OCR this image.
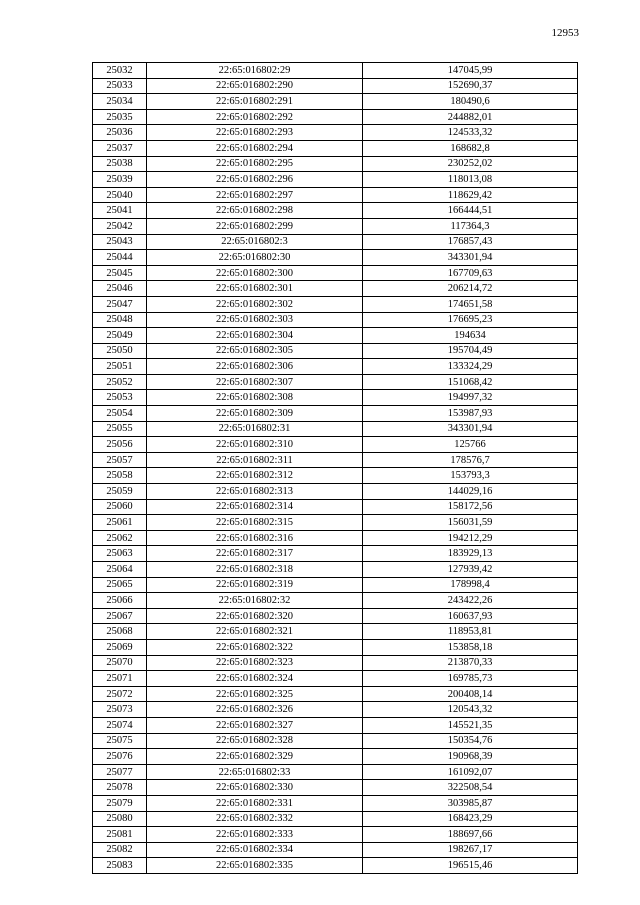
12953
25032	22:65:016802:29	147045,99
25033	22:65:016802:290	152690,37
25034	22:65:016802:291	180490,6
25035	22:65:016802:292	244882,01
25036	22:65:016802:293	124533,32
25037	22:65:016802:294	168682,8
25038	22:65:016802:295	230252,02
25039	22:65:016802:296	118013,08
25040	22:65:016802:297	118629,42
25041	22:65:016802:298	166444,51
25042	22:65:016802:299	117364,3
25043	22:65:016802:3	176857,43
25044	22:65:016802:30	343301,94
25045	22:65:016802:300	167709,63
25046	22:65:016802:301	206214,72
25047	22:65:016802:302	174651,58
25048	22:65:016802:303	176695,23
25049	22:65:016802:304	194634
25050	22:65:016802:305	195704,49
25051	22:65:016802:306	133324,29
25052	22:65:016802:307	151068,42
25053	22:65:016802:308	194997,32
25054	22:65:016802:309	153987,93
25055	22:65:016802:31	343301,94
25056	22:65:016802:310	125766
25057	22:65:016802:311	178576,7
25058	22:65:016802:312	153793,3
25059	22:65:016802:313	144029,16
25060	22:65:016802:314	158172,56
25061	22:65:016802:315	156031,59
25062	22:65:016802:316	194212,29
25063	22:65:016802:317	183929,13
25064	22:65:016802:318	127939,42
25065	22:65:016802:319	178998,4
25066	22:65:016802:32	243422,26
25067	22:65:016802:320	160637,93
25068	22:65:016802:321	118953,81
25069	22:65:016802:322	153858,18
25070	22:65:016802:323	213870,33
25071	22:65:016802:324	169785,73
25072	22:65:016802:325	200408,14
25073	22:65:016802:326	120543,32
25074	22:65:016802:327	145521,35
25075	22:65:016802:328	150354,76
25076	22:65:016802:329	190968,39
25077	22:65:016802:33	161092,07
25078	22:65:016802:330	322508,54
25079	22:65:016802:331	303985,87
25080	22:65:016802:332	168423,29
25081	22:65:016802:333	188697,66
25082	22:65:016802:334	198267,17
25083	22:65:016802:335	196515,46
